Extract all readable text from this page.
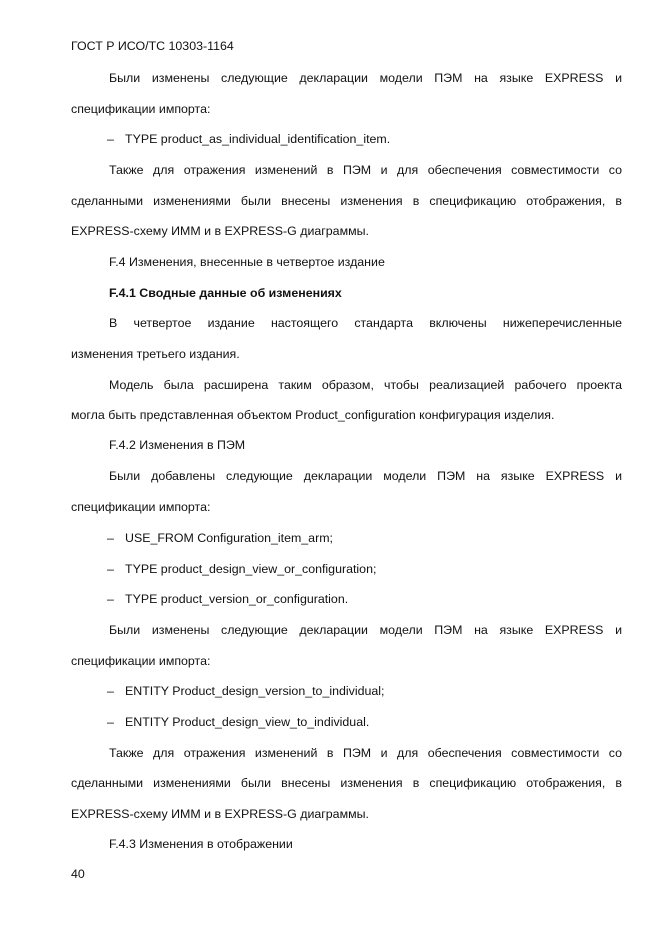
ГОСТ Р ИСО/ТС 10303-1164
Были изменены следующие декларации модели ПЭМ на языке EXPRESS и
спецификации импорта:
– TYPE product_as_individual_identification_item.
Также для отражения изменений в ПЭМ и для обеспечения совместимости со
сделанными изменениями были внесены изменения в спецификацию отображения, в
EXPRESS-схему ИММ и в EXPRESS-G диаграммы.
F.4 Изменения, внесенные в четвертое издание
F.4.1 Сводные данные об изменениях
В четвертое издание настоящего стандарта включены нижеперечисленные
изменения третьего издания.
Модель была расширена таким образом, чтобы реализацией рабочего проекта
могла быть представленная объектом Product_configuration конфигурация изделия.
F.4.2 Изменения в ПЭМ
Были добавлены следующие декларации модели ПЭМ на языке EXPRESS и
спецификации импорта:
– USE_FROM Configuration_item_arm;
– TYPE product_design_view_or_configuration;
– TYPE product_version_or_configuration.
Были изменены следующие декларации модели ПЭМ на языке EXPRESS и
спецификации импорта:
– ENTITY Product_design_version_to_individual;
– ENTITY Product_design_view_to_individual.
Также для отражения изменений в ПЭМ и для обеспечения совместимости со
сделанными изменениями были внесены изменения в спецификацию отображения, в
EXPRESS-схему ИММ и в EXPRESS-G диаграммы.
F.4.3 Изменения в отображении
40
